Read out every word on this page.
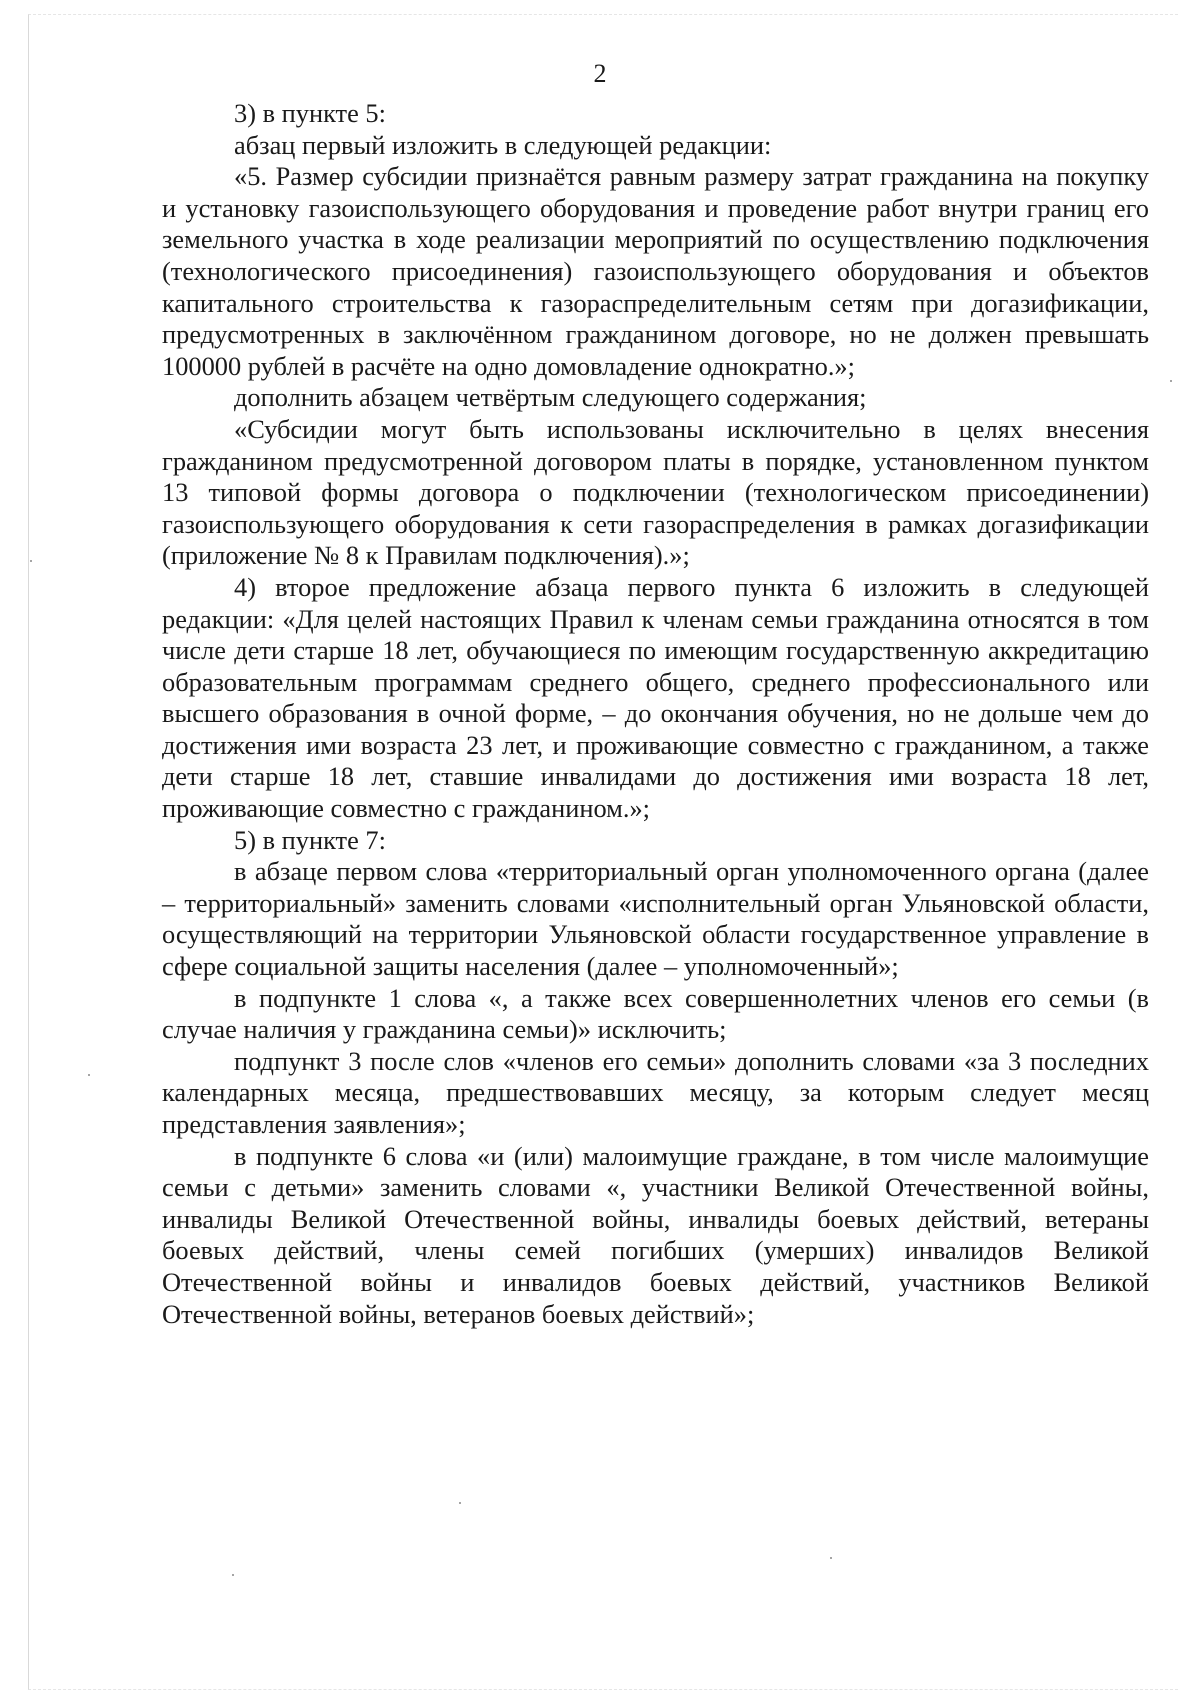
2

3) в пункте 5:

абзац первый изложить в следующей редакции:

«5. Размер субсидии признаётся равным размеру затрат гражданина на покупку и установку газоиспользующего оборудования и проведение работ внутри границ его земельного участка в ходе реализации мероприятий по осуществлению подключения (технологического присоединения) газоиспользующего оборудования и объектов капитального строительства к газораспределительным сетям при догазификации, предусмотренных в заключённом гражданином договоре, но не должен превышать 100000 рублей в расчёте на одно домовладение однократно.»;

дополнить абзацем четвёртым следующего содержания;

«Субсидии могут быть использованы исключительно в целях внесения гражданином предусмотренной договором платы в порядке, установленном пунктом 13 типовой формы договора о подключении (технологическом присоединении) газоиспользующего оборудования к сети газораспределения в рамках догазификации (приложение № 8 к Правилам подключения).»;

4) второе предложение абзаца первого пункта 6 изложить в следующей редакции: «Для целей настоящих Правил к членам семьи гражданина относятся в том числе дети старше 18 лет, обучающиеся по имеющим государственную аккредитацию образовательным программам среднего общего, среднего профессионального или высшего образования в очной форме, – до окончания обучения, но не дольше чем до достижения ими возраста 23 лет, и проживающие совместно с гражданином, а также дети старше 18 лет, ставшие инвалидами до достижения ими возраста 18 лет, проживающие совместно с гражданином.»;

5) в пункте 7:

в абзаце первом слова «территориальный орган уполномоченного органа (далее – территориальный» заменить словами «исполнительный орган Ульяновской области, осуществляющий на территории Ульяновской области государственное управление в сфере социальной защиты населения (далее – уполномоченный»;

в подпункте 1 слова «, а также всех совершеннолетних членов его семьи (в случае наличия у гражданина семьи)» исключить;

подпункт 3 после слов «членов его семьи» дополнить словами «за 3 последних календарных месяца, предшествовавших месяцу, за которым следует месяц представления заявления»;

в подпункте 6 слова «и (или) малоимущие граждане, в том числе малоимущие семьи с детьми» заменить словами «, участники Великой Отечественной войны, инвалиды Великой Отечественной войны, инвалиды боевых действий, ветераны боевых действий, члены семей погибших (умерших) инвалидов Великой Отечественной войны и инвалидов боевых действий, участников Великой Отечественной войны, ветеранов боевых действий»;
